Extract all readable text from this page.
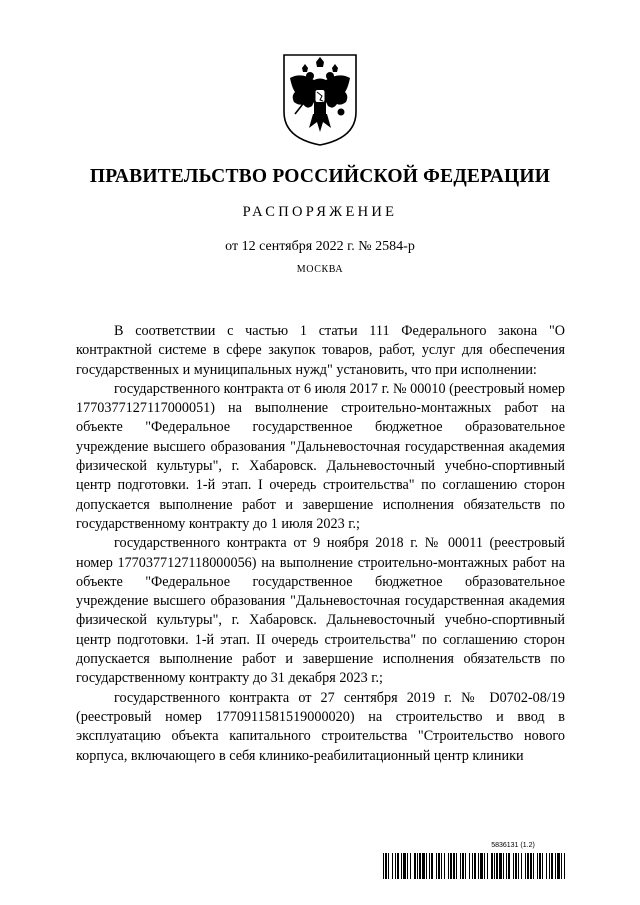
ПРАВИТЕЛЬСТВО РОССИЙСКОЙ ФЕДЕРАЦИИ
РАСПОРЯЖЕНИЕ
от 12 сентября 2022 г. № 2584-р
МОСКВА

В соответствии с частью 1 статьи 111 Федерального закона "О контрактной системе в сфере закупок товаров, работ, услуг для обеспечения государственных и муниципальных нужд" установить, что при исполнении:

государственного контракта от 6 июля 2017 г. № 00010 (реестровый номер 1770377127117000051) на выполнение строительно-монтажных работ на объекте "Федеральное государственное бюджетное образовательное учреждение высшего образования "Дальневосточная государственная академия физической культуры", г. Хабаровск. Дальневосточный учебно-спортивный центр подготовки. 1-й этап. I очередь строительства" по соглашению сторон допускается выполнение работ и завершение исполнения обязательств по государственному контракту до 1 июля 2023 г.;

государственного контракта от 9 ноября 2018 г. № 00011 (реестровый номер 1770377127118000056) на выполнение строительно-монтажных работ на объекте "Федеральное государственное бюджетное образовательное учреждение высшего образования "Дальневосточная государственная академия физической культуры", г. Хабаровск. Дальневосточный учебно-спортивный центр подготовки. 1-й этап. II очередь строительства" по соглашению сторон допускается выполнение работ и завершение исполнения обязательств по государственному контракту до 31 декабря 2023 г.;

государственного контракта от 27 сентября 2019 г. № D0702-08/19 (реестровый номер 1770911581519000020) на строительство и ввод в эксплуатацию объекта капитального строительства "Строительство нового корпуса, включающего в себя клинико-реабилитационный центр клиники

5836131 (1.2)
